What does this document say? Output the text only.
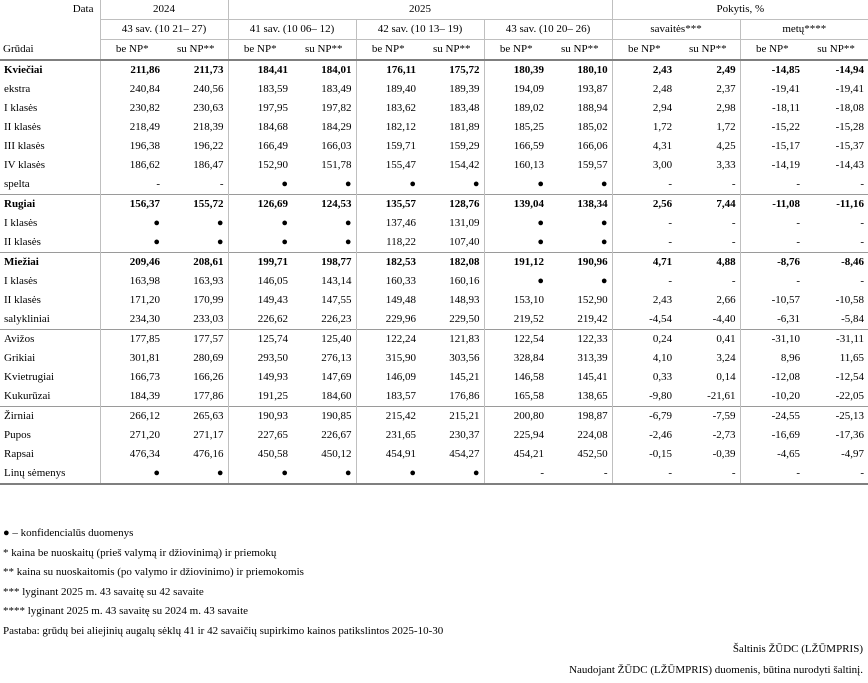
Data
Grūdai	2024		2025						Pokytis, %			
	43 sav. (10 21– 27)		41 sav. (10 06– 12)		42 sav. (10 13– 19)		43 sav. (10 20– 26)		savaitės***		metų****	
	be NP*	su NP**	be NP*	su NP**	be NP*	su NP**	be NP*	su NP**	be NP*	su NP**	be NP*	su NP**
Kviečiai	211,86	211,73	184,41	184,01	176,11	175,72	180,39	180,10	2,43	2,49	-14,85	-14,94
ekstra	240,84	240,56	183,59	183,49	189,40	189,39	194,09	193,87	2,48	2,37	-19,41	-19,41
I klasės	230,82	230,63	197,95	197,82	183,62	183,48	189,02	188,94	2,94	2,98	-18,11	-18,08
II klasės	218,49	218,39	184,68	184,29	182,12	181,89	185,25	185,02	1,72	1,72	-15,22	-15,28
III klasės	196,38	196,22	166,49	166,03	159,71	159,29	166,59	166,06	4,31	4,25	-15,17	-15,37
IV klasės	186,62	186,47	152,90	151,78	155,47	154,42	160,13	159,57	3,00	3,33	-14,19	-14,43
spelta	-	-	●	●	●	●	●	●	-	-	-	-
Rugiai	156,37	155,72	126,69	124,53	135,57	128,76	139,04	138,34	2,56	7,44	-11,08	-11,16
I klasės	●	●	●	●	137,46	131,09	●	●	-	-	-	-
II klasės	●	●	●	●	118,22	107,40	●	●	-	-	-	-
Miežiai	209,46	208,61	199,71	198,77	182,53	182,08	191,12	190,96	4,71	4,88	-8,76	-8,46
I klasės	163,98	163,93	146,05	143,14	160,33	160,16	●	●	-	-	-	-
II klasės	171,20	170,99	149,43	147,55	149,48	148,93	153,10	152,90	2,43	2,66	-10,57	-10,58
salykliniai	234,30	233,03	226,62	226,23	229,96	229,50	219,52	219,42	-4,54	-4,40	-6,31	-5,84
Avižos	177,85	177,57	125,74	125,40	122,24	121,83	122,54	122,33	0,24	0,41	-31,10	-31,11
Grikiai	301,81	280,69	293,50	276,13	315,90	303,56	328,84	313,39	4,10	3,24	8,96	11,65
Kvietrugiai	166,73	166,26	149,93	147,69	146,09	145,21	146,58	145,41	0,33	0,14	-12,08	-12,54
Kukurūzai	184,39	177,86	191,25	184,60	183,57	176,86	165,58	138,65	-9,80	-21,61	-10,20	-22,05
Žirniai	266,12	265,63	190,93	190,85	215,42	215,21	200,80	198,87	-6,79	-7,59	-24,55	-25,13
Pupos	271,20	271,17	227,65	226,67	231,65	230,37	225,94	224,08	-2,46	-2,73	-16,69	-17,36
Rapsai	476,34	476,16	450,58	450,12	454,91	454,27	454,21	452,50	-0,15	-0,39	-4,65	-4,97
Linų sėmenys	●	●	●	●	●	●	-	-	-	-	-	-
● – konfidencialūs duomenys
* kaina be nuoskaitų (prieš valymą ir džiovinimą) ir priemokų
** kaina su nuoskaitomis (po valymo ir džiovinimo) ir priemokomis
*** lyginant 2025 m. 43 savaitę su 42 savaite
**** lyginant 2025 m. 43 savaitę su 2024 m. 43 savaite
Pastaba: grūdų bei aliejinių augalų sėklų 41 ir 42 savaičių supirkimo kainos patikslintos 2025-10-30
Šaltinis ŽŪDC (LŽŪMPRIS)
Naudojant ŽŪDC (LŽŪMPRIS) duomenis, būtina nurodyti šaltinį.
